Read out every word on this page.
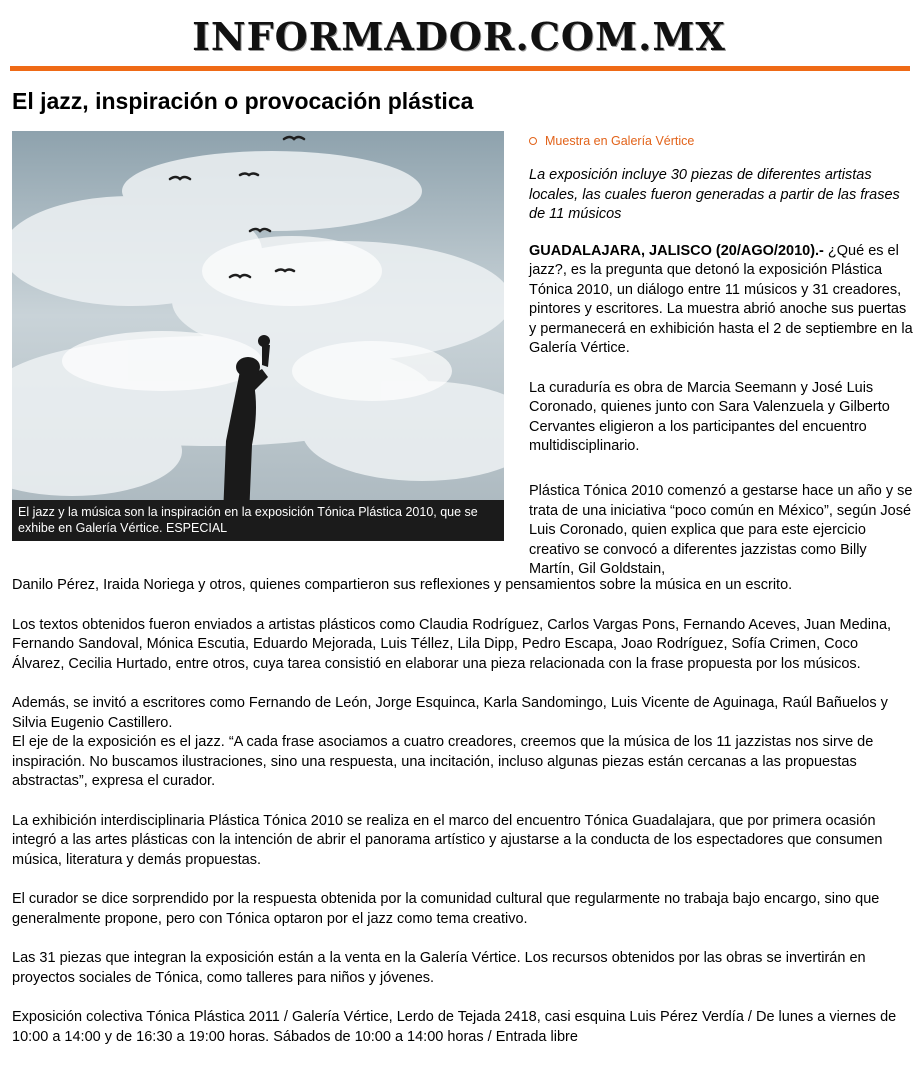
INFORMADOR.COM.MX
El jazz, inspiración o provocación plástica
El jazz y la música son la inspiración en la exposición Tónica Plástica 2010, que se exhibe en Galería Vértice. ESPECIAL
Muestra en Galería Vértice

La exposición incluye 30 piezas de diferentes artistas locales, las cuales fueron generadas a partir de las frases de 11 músicos

GUADALAJARA, JALISCO (20/AGO/2010).- ¿Qué es el jazz?, es la pregunta que detonó la exposición Plástica Tónica 2010, un diálogo entre 11 músicos y 31 creadores, pintores y escritores. La muestra abrió anoche sus puertas y permanecerá en exhibición hasta el 2 de septiembre en la Galería Vértice.

La curaduría es obra de Marcia Seemann y José Luis Coronado, quienes junto con Sara Valenzuela y Gilberto Cervantes eligieron a los participantes del encuentro multidisciplinario.

Plástica Tónica 2010 comenzó a gestarse hace un año y se trata de una iniciativa “poco común en México”, según José Luis Coronado, quien explica que para este ejercicio creativo se convocó a diferentes jazzistas como Billy Martín, Gil Goldstain,

Danilo Pérez, Iraida Noriega y otros, quienes compartieron sus reflexiones y pensamientos sobre la música en un escrito.

Los textos obtenidos fueron enviados a artistas plásticos como Claudia Rodríguez, Carlos Vargas Pons, Fernando Aceves, Juan Medina, Fernando Sandoval, Mónica Escutia, Eduardo Mejorada, Luis Téllez, Lila Dipp, Pedro Escapa, Joao Rodríguez, Sofía Crimen, Coco Álvarez, Cecilia Hurtado, entre otros, cuya tarea consistió en elaborar una pieza relacionada con la frase propuesta por los músicos.

Además, se invitó a escritores como Fernando de León, Jorge Esquinca, Karla Sandomingo, Luis Vicente de Aguinaga, Raúl Bañuelos y Silvia Eugenio Castillero.

El eje de la exposición es el jazz. “A cada frase asociamos a cuatro creadores, creemos que la música de los 11 jazzistas nos sirve de inspiración. No buscamos ilustraciones, sino una respuesta, una incitación, incluso algunas piezas están cercanas a las propuestas abstractas”, expresa el curador.

La exhibición interdisciplinaria Plástica Tónica 2010 se realiza en el marco del encuentro Tónica Guadalajara, que por primera ocasión integró a las artes plásticas con la intención de abrir el panorama artístico y ajustarse a la conducta de los espectadores que consumen música, literatura y demás propuestas.

El curador se dice sorprendido por la respuesta obtenida por la comunidad cultural que regularmente no trabaja bajo encargo, sino que generalmente propone, pero con Tónica optaron por el jazz como tema creativo.

Las 31 piezas que integran la exposición están a la venta en la Galería Vértice. Los recursos obtenidos por las obras se invertirán en proyectos sociales de Tónica, como talleres para niños y jóvenes.

Exposición colectiva Tónica Plástica 2011 / Galería Vértice, Lerdo de Tejada 2418, casi esquina Luis Pérez Verdía / De lunes a viernes de 10:00 a 14:00 y de 16:30 a 19:00 horas. Sábados de 10:00 a 14:00 horas / Entrada libre
